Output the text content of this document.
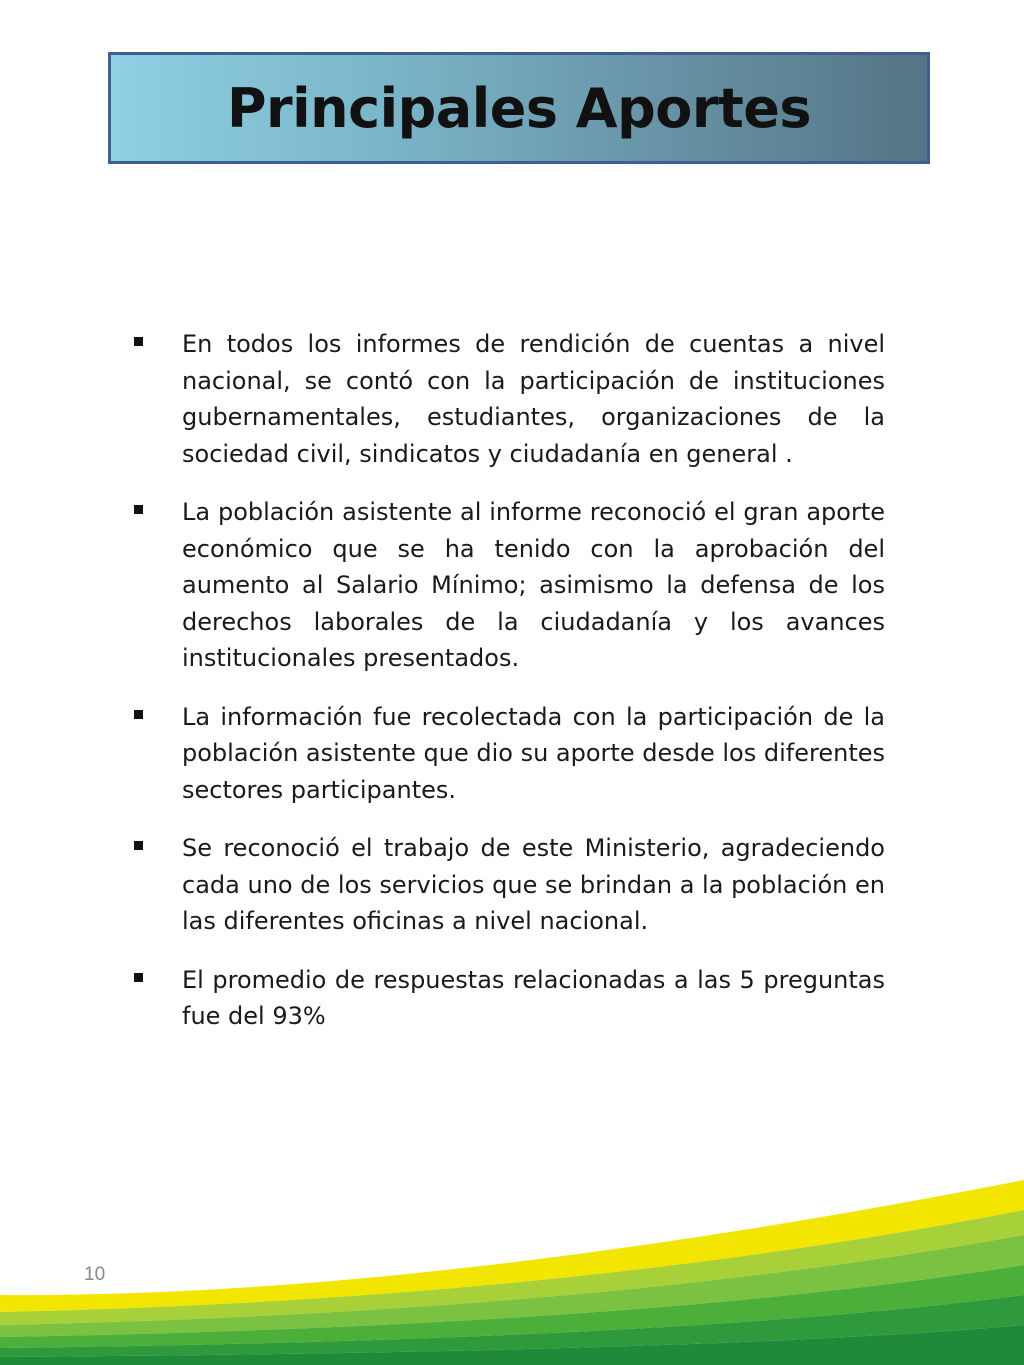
Principales Aportes

En todos los informes de rendición de cuentas a nivel nacional, se contó con la participación de instituciones gubernamentales, estudiantes, organizaciones de la sociedad civil, sindicatos y ciudadanía en general .

La población asistente al informe reconoció el gran aporte económico que se ha tenido con la aprobación del aumento al Salario Mínimo; asimismo la defensa de los derechos laborales de la ciudadanía y los avances institucionales presentados.

La información fue recolectada con la participación de la población asistente que dio su aporte desde los diferentes sectores participantes.

Se reconoció el trabajo de este Ministerio, agradeciendo cada uno de los servicios que se brindan a la población en las diferentes oficinas a nivel nacional.

El promedio de respuestas relacionadas a las 5 preguntas fue del 93%

10
